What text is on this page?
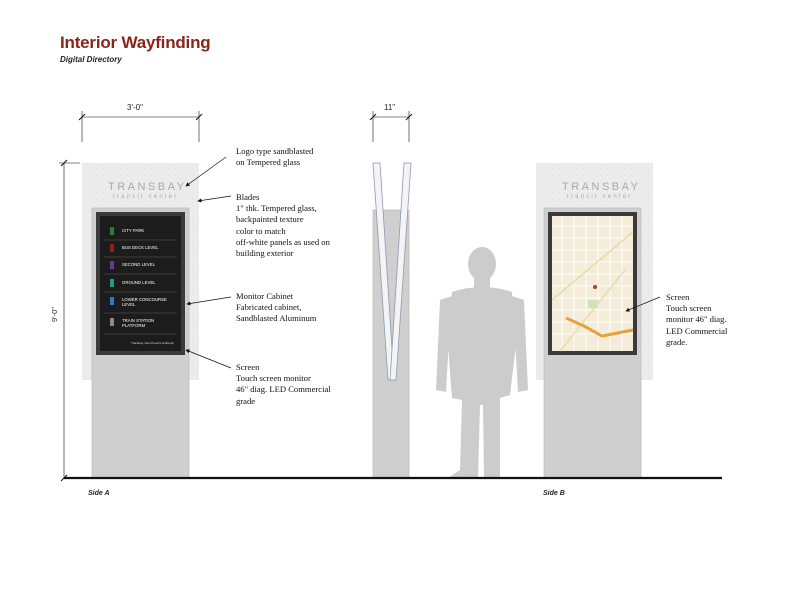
Interior Wayfinding
Digital Directory
TRANSBAY
transit center
TRANSBAY
transit center
CITY PARK
BUS DECK LEVEL
SECOND LEVEL
GROUND LEVEL
LOWER CONCOURSE LEVEL
TRAIN STATION PLATFORM
Transbay Joint Powers Authority
3'-0"	11"
9'-0"
Logo type sandblasted
on Tempered glass
Blades
1" thk. Tempered glass,
backpainted texture
color to match
off-white panels as used on
building exterior
Monitor Cabinet
Fabricated cabinet,
Sandblasted Aluminum
Screen
Touch screen monitor
46" diag. LED Commercial
grade
Screen
Touch screen
monitor 46" diag.
LED Commercial
grade.
Side A	Side B
